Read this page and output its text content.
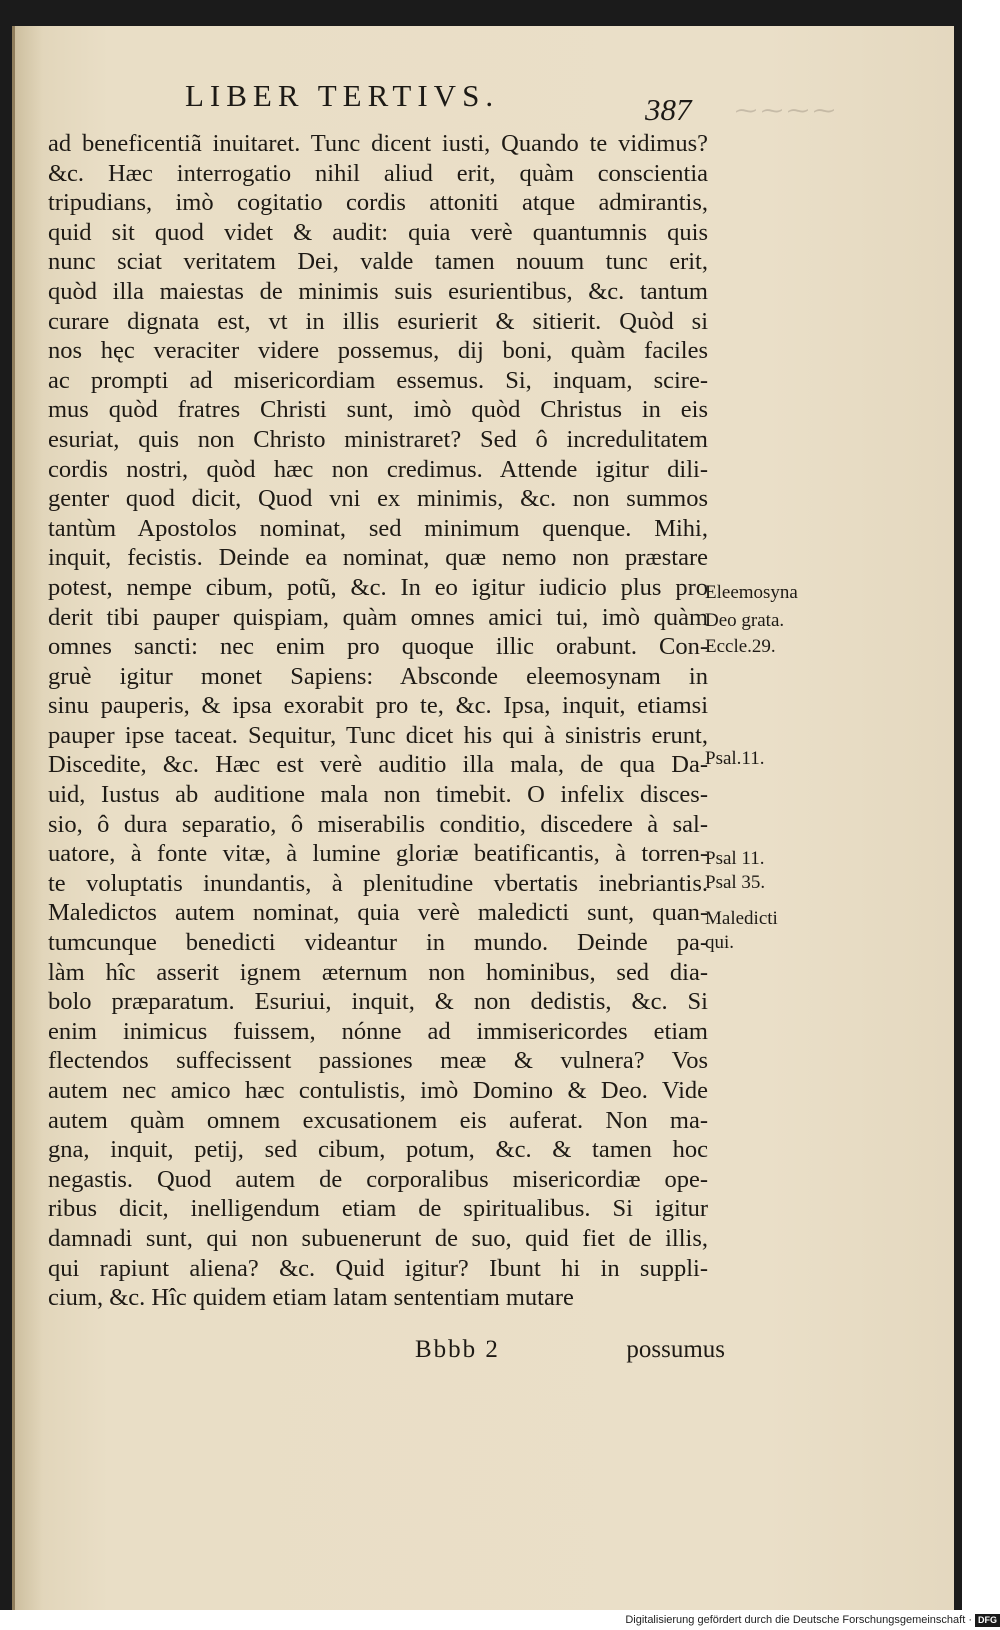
LIBER TERTIVS.	387 ⁓⁓⁓⁓
ad beneficentiã inuitaret. Tunc dicent iusti, Quando te vidimus?
&c. Hæc interrogatio nihil aliud erit, quàm conscientia
tripudians, imò cogitatio cordis attoniti atque admirantis,
quid sit quod videt & audit: quia verè quantumnis quis
nunc sciat veritatem Dei, valde tamen nouum tunc erit,
quòd illa maiestas de minimis suis esurientibus, &c. tantum
curare dignata est, vt in illis esurierit & sitierit. Quòd si
nos hęc veraciter videre possemus, dij boni, quàm faciles
ac prompti ad misericordiam essemus. Si, inquam, scire-
mus quòd fratres Christi sunt, imò quòd Christus in eis
esuriat, quis non Christo ministraret? Sed ô incredulitatem
cordis nostri, quòd hæc non credimus. Attende igitur dili-
genter quod dicit, Quod vni ex minimis, &c. non summos
tantùm Apostolos nominat, sed minimum quenque. Mihi,
inquit, fecistis. Deinde ea nominat, quæ nemo non præstare
potest, nempe cibum, potũ, &c. In eo igitur iudicio plus pro
derit tibi pauper quispiam, quàm omnes amici tui, imò quàm
omnes sancti: nec enim pro quoque illic orabunt. Con-
gruè igitur monet Sapiens: Absconde eleemosynam in
sinu pauperis, & ipsa exorabit pro te, &c. Ipsa, inquit, etiamsi
pauper ipse taceat. Sequitur, Tunc dicet his qui à sinistris erunt,
Discedite, &c. Hæc est verè auditio illa mala, de qua Da-
uid, Iustus ab auditione mala non timebit. O infelix disces-
sio, ô dura separatio, ô miserabilis conditio, discedere à sal-
uatore, à fonte vitæ, à lumine gloriæ beatificantis, à torren-
te voluptatis inundantis, à plenitudine vbertatis inebriantis.
Maledictos autem nominat, quia verè maledicti sunt, quan-
tumcunque benedicti videantur in mundo. Deinde pa-
làm hîc asserit ignem æternum non hominibus, sed dia-
bolo præparatum. Esuriui, inquit, & non dedistis, &c. Si
enim inimicus fuissem, nónne ad immisericordes etiam
flectendos suffecissent passiones meæ & vulnera? Vos
autem nec amico hæc contulistis, imò Domino & Deo. Vide
autem quàm omnem excusationem eis auferat. Non ma-
gna, inquit, petij, sed cibum, potum, &c. & tamen hoc
negastis. Quod autem de corporalibus misericordiæ ope-
ribus dicit, inelligendum etiam de spiritualibus. Si igitur
damnadi sunt, qui non subuenerunt de suo, quid fiet de illis,
qui rapiunt aliena? &c. Quid igitur? Ibunt hi in suppli-
cium, &c. Hîc quidem etiam latam sententiam mutare
Eleemosyna
Deo grata.
Eccle.29.
Psal.11.
Psal 11.
Psal 35.
Maledicti
qui.
Bbbb 2	possumus
Digitalisierung gefördert durch die Deutsche Forschungsgemeinschaft · DFG
